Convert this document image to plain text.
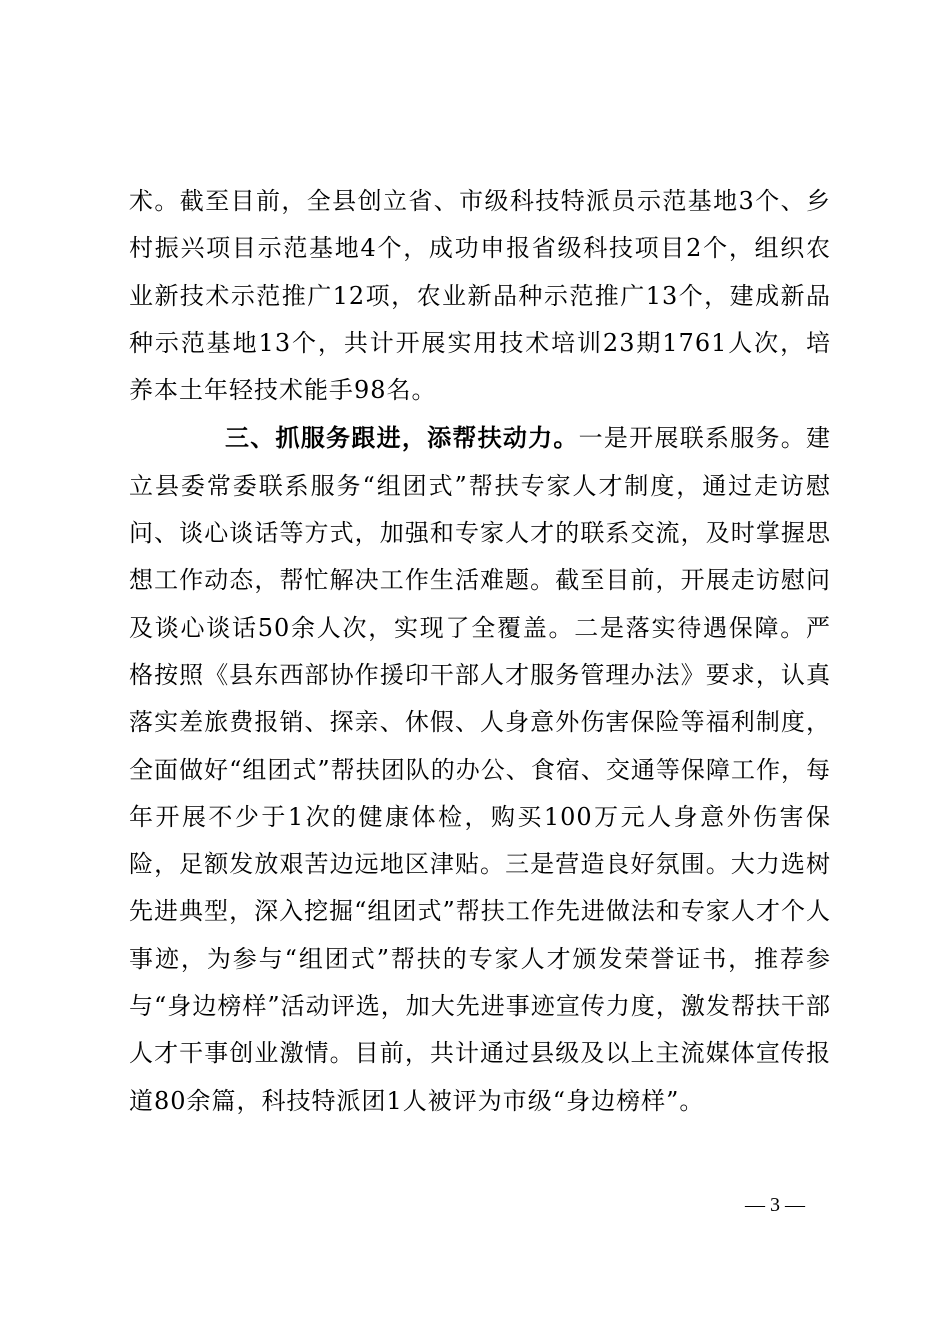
术。截至目前，全县创立省、市级科技特派员示范基地3个、乡村振兴项目示范基地4个，成功申报省级科技项目2个，组织农业新技术示范推广12项，农业新品种示范推广13个，建成新品种示范基地13个，共计开展实用技术培训23期1761人次，培养本土年轻技术能手98名。

三、抓服务跟进，添帮扶动力。一是开展联系服务。建立县委常委联系服务“组团式”帮扶专家人才制度，通过走访慰问、谈心谈话等方式，加强和专家人才的联系交流，及时掌握思想工作动态，帮忙解决工作生活难题。截至目前，开展走访慰问及谈心谈话50余人次，实现了全覆盖。二是落实待遇保障。严格按照《县东西部协作援印干部人才服务管理办法》要求，认真落实差旅费报销、探亲、休假、人身意外伤害保险等福利制度，全面做好“组团式”帮扶团队的办公、食宿、交通等保障工作，每年开展不少于1次的健康体检，购买100万元人身意外伤害保险，足额发放艰苦边远地区津贴。三是营造良好氛围。大力选树先进典型，深入挖掘“组团式”帮扶工作先进做法和专家人才个人事迹，为参与“组团式”帮扶的专家人才颁发荣誉证书，推荐参与“身边榜样”活动评选，加大先进事迹宣传力度，激发帮扶干部人才干事创业激情。目前，共计通过县级及以上主流媒体宣传报道80余篇，科技特派团1人被评为市级“身边榜样”。

— 3 —
